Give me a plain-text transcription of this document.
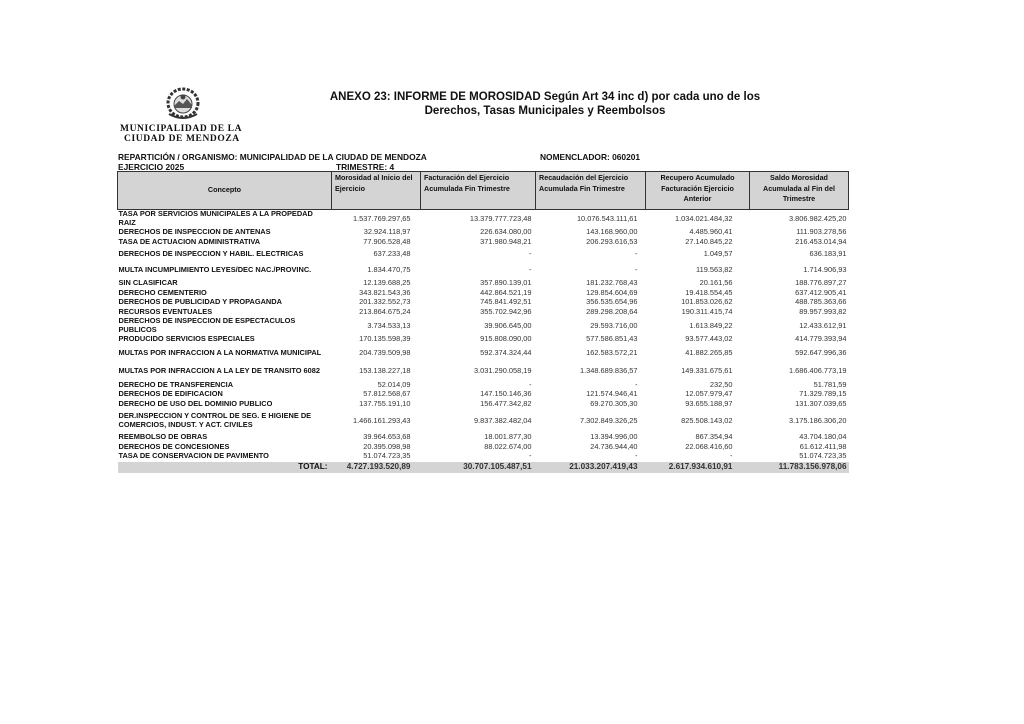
MUNICIPALIDAD DE LA
CIUDAD DE MENDOZA
ANEXO 23: INFORME DE MOROSIDAD Según Art 34 inc d) por cada uno de los
Derechos, Tasas Municipales y Reembolsos
REPARTICIÓN / ORGANISMO: MUNICIPALIDAD DE LA CIUDAD DE MENDOZA	NOMENCLADOR: 060201
EJERCICIO 2025	TRIMESTRE: 4
Concepto	Morosidad al Inicio del Ejercicio	Facturación del Ejercicio Acumulada Fin Trimestre	Recaudación del Ejercicio Acumulada Fin Trimestre	Recupero Acumulado Facturación Ejercicio Anterior	Saldo Morosidad Acumulada al Fin del Trimestre
TASA POR SERVICIOS MUNICIPALES A LA PROPEDAD RAIZ	1.537.769.297,65	13.379.777.723,48	10.076.543.111,61	1.034.021.484,32	3.806.982.425,20
DERECHOS DE INSPECCION DE ANTENAS	32.924.118,97	226.634.080,00	143.168.960,00	4.485.960,41	111.903.278,56
TASA DE ACTUACION ADMINISTRATIVA	77.906.528,48	371.980.948,21	206.293.616,53	27.140.845,22	216.453.014,94
DERECHOS DE INSPECCION Y HABIL. ELECTRICAS	637.233,48	-	-	1.049,57	636.183,91
MULTA INCUMPLIMIENTO LEYES/DEC NAC./PROVINC.	1.834.470,75	-	-	119.563,82	1.714.906,93
SIN CLASIFICAR	12.139.688,25	357.890.139,01	181.232.768,43	20.161,56	188.776.897,27
DERECHO CEMENTERIO	343.821.543,36	442.864.521,19	129.854.604,69	19.418.554,45	637.412.905,41
DERECHOS DE PUBLICIDAD Y PROPAGANDA	201.332.552,73	745.841.492,51	356.535.654,96	101.853.026,62	488.785.363,66
RECURSOS EVENTUALES	213.864.675,24	355.702.942,96	289.298.208,64	190.311.415,74	89.957.993,82
DERECHOS DE INSPECCION DE ESPECTACULOS PUBLICOS	3.734.533,13	39.906.645,00	29.593.716,00	1.613.849,22	12.433.612,91
PRODUCIDO SERVICIOS ESPECIALES	170.135.598,39	915.808.090,00	577.586.851,43	93.577.443,02	414.779.393,94
MULTAS POR INFRACCION A LA NORMATIVA MUNICIPAL	204.739.509,98	592.374.324,44	162.583.572,21	41.882.265,85	592.647.996,36
MULTAS POR INFRACCION A LA LEY DE TRANSITO 6082	153.138.227,18	3.031.290.058,19	1.348.689.836,57	149.331.675,61	1.686.406.773,19
DERECHO DE TRANSFERENCIA	52.014,09	-	-	232,50	51.781,59
DERECHOS DE EDIFICACION	57.812.568,67	147.150.146,36	121.574.946,41	12.057.979,47	71.329.789,15
DERECHO DE USO DEL DOMINIO PUBLICO	137.755.191,10	156.477.342,82	69.270.305,30	93.655.188,97	131.307.039,65
DER.INSPECCION Y CONTROL DE SEG. E HIGIENE DE COMERCIOS, INDUST. Y ACT. CIVILES	1.466.161.293,43	9.837.382.482,04	7.302.849.326,25	825.508.143,02	3.175.186.306,20
REEMBOLSO DE OBRAS	39.964.653,68	18.001.877,30	13.394.996,00	867.354,94	43.704.180,04
DERECHOS DE CONCESIONES	20.395.098,98	88.022.674,00	24.736.944,40	22.068.416,60	61.612.411,98
TASA DE CONSERVACION DE PAVIMENTO	51.074.723,35	-	-	-	51.074.723,35
TOTAL:	4.727.193.520,89	30.707.105.487,51	21.033.207.419,43	2.617.934.610,91	11.783.156.978,06
